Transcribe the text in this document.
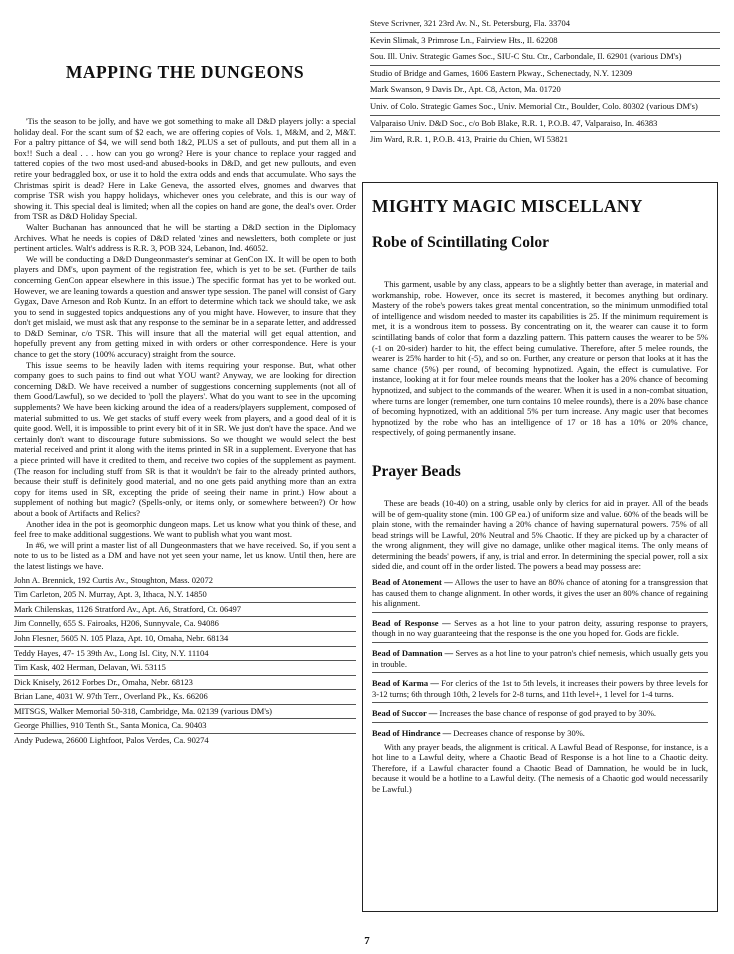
MAPPING THE DUNGEONS

'Tis the season to be jolly, and have we got something to make all D&D players jolly: a special holiday deal. For the scant sum of $2 each, we are offering copies of Vols. 1, M&M, and 2, M&T. For a paltry pittance of $4, we will send both 1&2, PLUS a set of pullouts, and put them all in a box!! Such a deal . . . how can you go wrong? Here is your chance to replace your ragged and tattered copies of the two most used-and abused-books in D&D, and get new pullouts, and even retire your bedraggled box, or use it to hold the extra odds and ends that accumulate. Who says the Christmas spirit is dead? Here in Lake Geneva, the assorted elves, gnomes and dwarves that comprise TSR wish you happy holidays, whichever ones you celebrate, and this is our way of showing it. This special deal is limited; when all the copies on hand are gone, the deal's over. Order from TSR as D&D Holiday Special.

Walter Buchanan has announced that he will be starting a D&D section in the Diplomacy Archives. What he needs is copies of D&D related 'zines and newsletters, both complete or just pertinent articles. Walt's address is R.R. 3, POB 324, Lebanon, Ind. 46052.

We will be conducting a D&D Dungeonmaster's seminar at GenCon IX. It will be open to both players and DM's, upon payment of the registration fee, which is yet to be set. (Further de tails concerning GenCon appear elsewhere in this issue.) The specific format has yet to be worked out. However, we are leaning towards a question and answer type session. The panel will consist of Gary Gygax, Dave Arneson and Rob Kuntz. In an effort to determine which tack we should take, we ask you to send in suggested topics andquestions any of you might have. However, to insure that they don't get mislaid, we must ask that any response to the seminar be in a separate letter, and addressed to D&D Seminar, c/o TSR. This will insure that all the material will get equal attention, and hopefully prevent any from getting mixed in with orders or other correspondence. Here is your chance to get the story (100% accuracy) straight from the source.

This issue seems to be heavily laden with items requiring your response. But, what other company goes to such pains to find out what YOU want? Anyway, we are looking for direction concerning D&D. We have received a number of suggestions concerning supplements (not all of them Good/Lawful), so we decided to 'poll the players'. What do you want to see in the upcoming supplements? We have been kicking around the idea of a readers/players supplement, composed of material submitted to us. We get stacks of stuff every week from players, and a good deal of it is quite good. Well, it is impossible to print every bit of it in SR. We just don't have the space. And we certainly don't want to discourage future submissions. So we thought we would select the best material received and print it along with the items printed in SR in a supplement. Everyone that has a piece printed will have it credited to them, and receive two copies of the supplement as payment. (The reason for including stuff from SR is that it wouldn't be fair to the already printed authors, because their stuff is definitely good material, and no one gets paid anything more than an extra copy for items used in SR, excepting the pride of seeing their name in print.) How about a supplement of nothing but magic? (Spells-only, or items only, or somewhere between?) Or how about a book of Artifacts and Relics?

Another idea in the pot is geomorphic dungeon maps. Let us know what you think of these, and feel free to make additional suggestions. We want to publish what you want most.

In #6, we will print a master list of all Dungeonmasters that we have received. So, if you sent a note to us to be listed as a DM and have not yet seen your name, let us know. Until then, here are the latest listings we have.

John A. Brennick, 192 Curtis Av., Stoughton, Mass. 02072

Tim Carleton, 205 N. Murray, Apt. 3, Ithaca, N.Y. 14850

Mark Chilenskas, 1126 Stratford Av., Apt. A6, Stratford, Ct. 06497

Jim Connelly, 655 S. Fairoaks, H206, Sunnyvale, Ca. 94086

John Flesner, 5605 N. 105 Plaza, Apt. 10, Omaha, Nebr. 68134

Teddy Hayes, 47- 15 39th Av., Long Isl. City, N.Y. 11104

Tim Kask, 402 Herman, Delavan, Wi. 53115

Dick Knisely, 2612 Forbes Dr., Omaha, Nebr. 68123

Brian Lane, 4031 W. 97th Terr., Overland Pk., Ks. 66206

MITSGS, Walker Memorial 50-318, Cambridge, Ma. 02139 (various DM's)

George Phillies, 910 Tenth St., Santa Monica, Ca. 90403

Andy Pudewa, 26600 Lightfoot, Palos Verdes, Ca. 90274

Steve Scrivner, 321 23rd Av. N., St. Petersburg, Fla. 33704

Kevin Slimak, 3 Primrose Ln., Fairview Hts., Il. 62208

Sou. Ill. Univ. Strategic Games Soc., SIU-C Stu. Ctr., Carbondale, Il. 62901 (various DM's)

Studio of Bridge and Games, 1606 Eastern Pkway., Schenectady, N.Y. 12309

Mark Swanson, 9 Davis Dr., Apt. C8, Acton, Ma. 01720

Univ. of Colo. Strategic Games Soc., Univ. Memorial Ctr., Boulder, Colo. 80302 (various DM's)

Valparaiso Univ. D&D Soc., c/o Bob Blake, R.R. 1, P.O.B. 47, Valparaiso, In. 46383

Jim Ward, R.R. 1, P.O.B. 413, Prairie du Chien, WI 53821

MIGHTY MAGIC MISCELLANY
Robe of Scintillating Color

This garment, usable by any class, appears to be a slightly better than average, in material and workmanship, robe. However, once its secret is mastered, it becomes anything but ordinary. Mastery of the robe's powers takes great mental concentration, so the minimum unmodified total of intelligence and wisdom needed to master its capabilities is 25. If the minimum requirement is met, it is a wondrous item to possess. By concentrating on it, the wearer can cause it to form scintillating bands of color that form a dazzling pattern. This pattern causes the wearer to be 5% (-1 on 20-sider) harder to hit, the effect being cumulative. Therefore, after 5 melee rounds, the wearer is 25% harder to hit (-5), and so on. Further, any creature or person that looks at it has the same chance (5%) per round, of becoming hypnotized. Again, the effect is cumulative. For instance, looking at it for four melee rounds means that the looker has a 20% chance of becoming hypnotized, and subject to the commands of the wearer. When it is used in a non-combat situation, where turns are longer (remember, one turn contains 10 melee rounds), there is a 20% base chance of becoming hypnotized, with an additional 5% per turn increase. Any magic user that becomes hypnotized by the robe who has an intelligence of 17 or 18 has a 10% or 20% chance, respectively, of going permanently insane.

Prayer Beads

These are beads (10-40) on a string, usable only by clerics for aid in prayer. All of the beads will be of gem-quality stone (min. 100 GP ea.) of uniform size and value. 60% of the beads will be plain stone, with the remainder having a 20% chance of having supernatural powers. 75% of all bead strings will be Lawful, 20% Neutral and 5% Chaotic. If they are picked up by a character of the wrong alignment, they will give no damage, unlike other magical items. The only means of determining the beads' powers, if any, is trial and error. In determining the special power, roll a six sided die, and count off in the order listed. The powers a bead may possess are:

Bead of Atonement — Allows the user to have an 80% chance of atoning for a transgression that has caused them to change alignment. In other words, it gives the user an 80% chance of regaining his alignment.
Bead of Response — Serves as a hot line to your patron deity, assuring response to prayers, though in no way guaranteeing that the response is the one you hoped for. Gods are fickle.
Bead of Damnation — Serves as a hot line to your patron's chief nemesis, which usually gets you in trouble.
Bead of Karma — For clerics of the 1st to 5th levels, it increases their powers by three levels for 3-12 turns; 6th through 10th, 2 levels for 2-8 turns, and 11th level+, 1 level for 1-4 turns.
Bead of Succor — Increases the base chance of response of god prayed to by 30%.
Bead of Hindrance — Decreases chance of response by 30%.

With any prayer beads, the alignment is critical. A Lawful Bead of Response, for instance, is a hot line to a Lawful deity, where a Chaotic Bead of Response is a hot line to a Chaotic deity. Therefore, if a Lawful character found a Chaotic Bead of Damnation, he would be in luck, because it would be a hotline to a Lawful deity. (The nemesis of a Chaotic god would necessarily be Lawful.)

7
